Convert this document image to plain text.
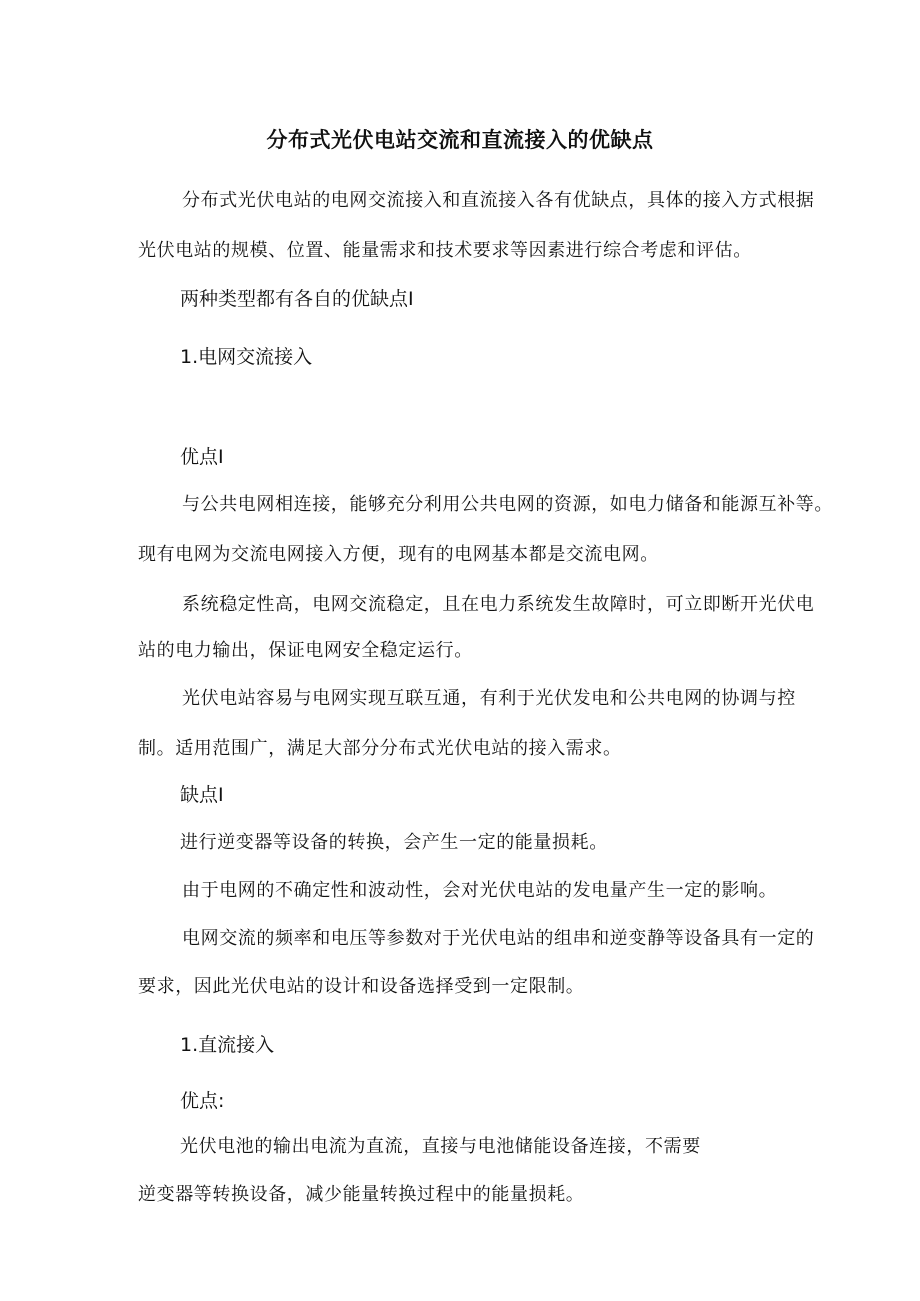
分布式光伏电站交流和直流接入的优缺点

分布式光伏电站的电网交流接入和直流接入各有优缺点，具体的接入方式根据

光伏电站的规模、位置、能量需求和技术要求等因素进行综合考虑和评估。

两种类型都有各自的优缺点I

1.电网交流接入

优点I

与公共电网相连接，能够充分利用公共电网的资源，如电力储备和能源互补等。

现有电网为交流电网接入方便，现有的电网基本都是交流电网。

系统稳定性高，电网交流稳定，且在电力系统发生故障时，可立即断开光伏电

站的电力输出，保证电网安全稳定运行。

光伏电站容易与电网实现互联互通，有利于光伏发电和公共电网的协调与控

制。适用范围广，满足大部分分布式光伏电站的接入需求。

缺点I

进行逆变器等设备的转换，会产生一定的能量损耗。

由于电网的不确定性和波动性，会对光伏电站的发电量产生一定的影响。

电网交流的频率和电压等参数对于光伏电站的组串和逆变静等设备具有一定的

要求，因此光伏电站的设计和设备选择受到一定限制。

1.直流接入

优点:

光伏电池的输出电流为直流，直接与电池储能设备连接，不需要

逆变器等转换设备，减少能量转换过程中的能量损耗。
